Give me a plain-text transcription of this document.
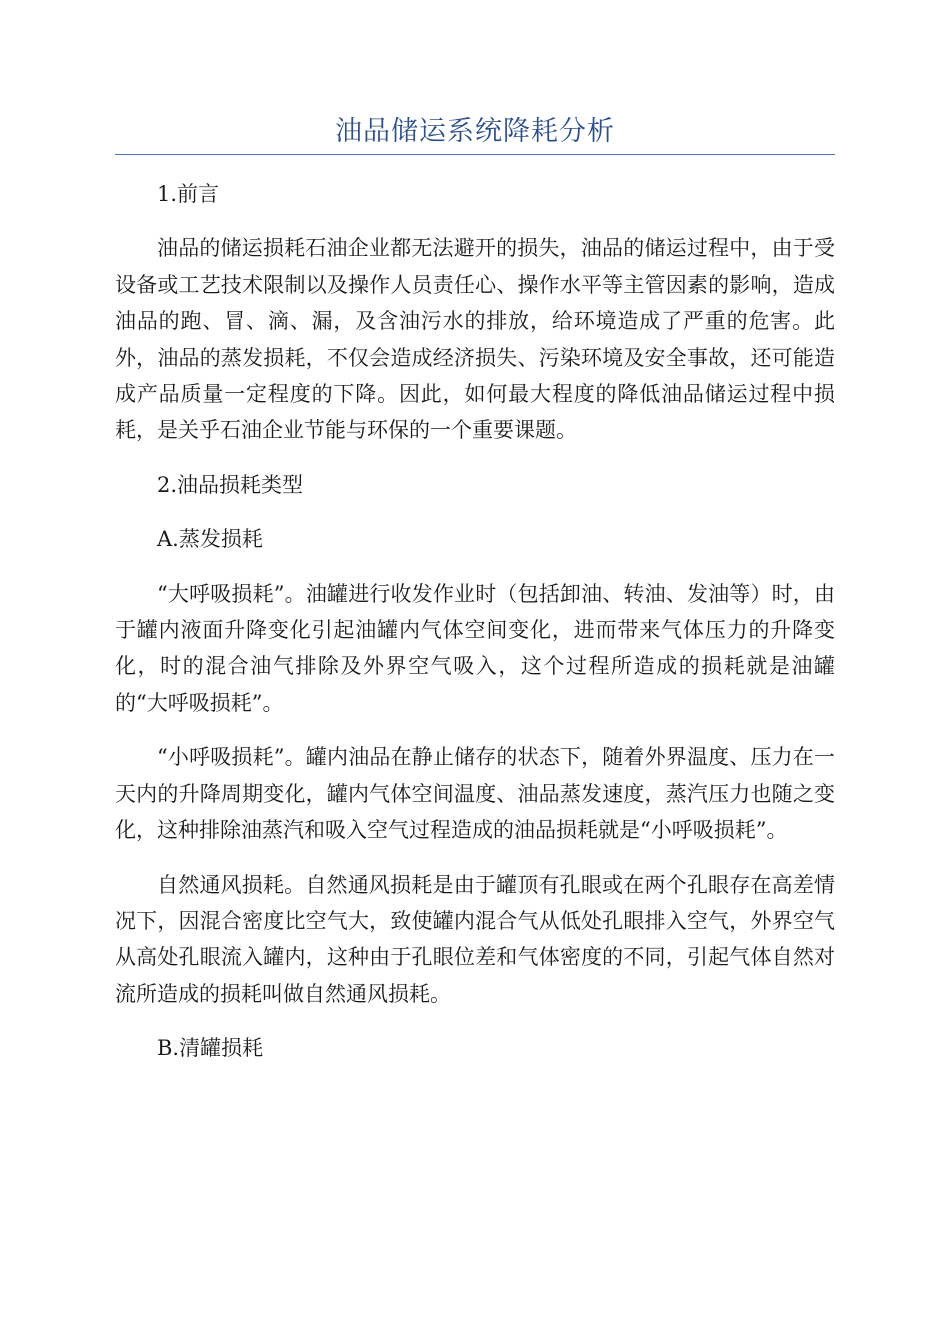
油品储运系统降耗分析

1.前言

油品的储运损耗石油企业都无法避开的损失，油品的储运过程中，由于受设备或工艺技术限制以及操作人员责任心、操作水平等主管因素的影响，造成油品的跑、冒、滴、漏，及含油污水的排放，给环境造成了严重的危害。此外，油品的蒸发损耗，不仅会造成经济损失、污染环境及安全事故，还可能造成产品质量一定程度的下降。因此，如何最大程度的降低油品储运过程中损耗，是关乎石油企业节能与环保的一个重要课题。

2.油品损耗类型

A.蒸发损耗

“大呼吸损耗”。油罐进行收发作业时（包括卸油、转油、发油等）时，由于罐内液面升降变化引起油罐内气体空间变化，进而带来气体压力的升降变化，时的混合油气排除及外界空气吸入，这个过程所造成的损耗就是油罐的“大呼吸损耗”。

“小呼吸损耗”。罐内油品在静止储存的状态下，随着外界温度、压力在一天内的升降周期变化，罐内气体空间温度、油品蒸发速度，蒸汽压力也随之变化，这种排除油蒸汽和吸入空气过程造成的油品损耗就是“小呼吸损耗”。

自然通风损耗。自然通风损耗是由于罐顶有孔眼或在两个孔眼存在高差情况下，因混合密度比空气大，致使罐内混合气从低处孔眼排入空气，外界空气从高处孔眼流入罐内，这种由于孔眼位差和气体密度的不同，引起气体自然对流所造成的损耗叫做自然通风损耗。

B.清罐损耗
